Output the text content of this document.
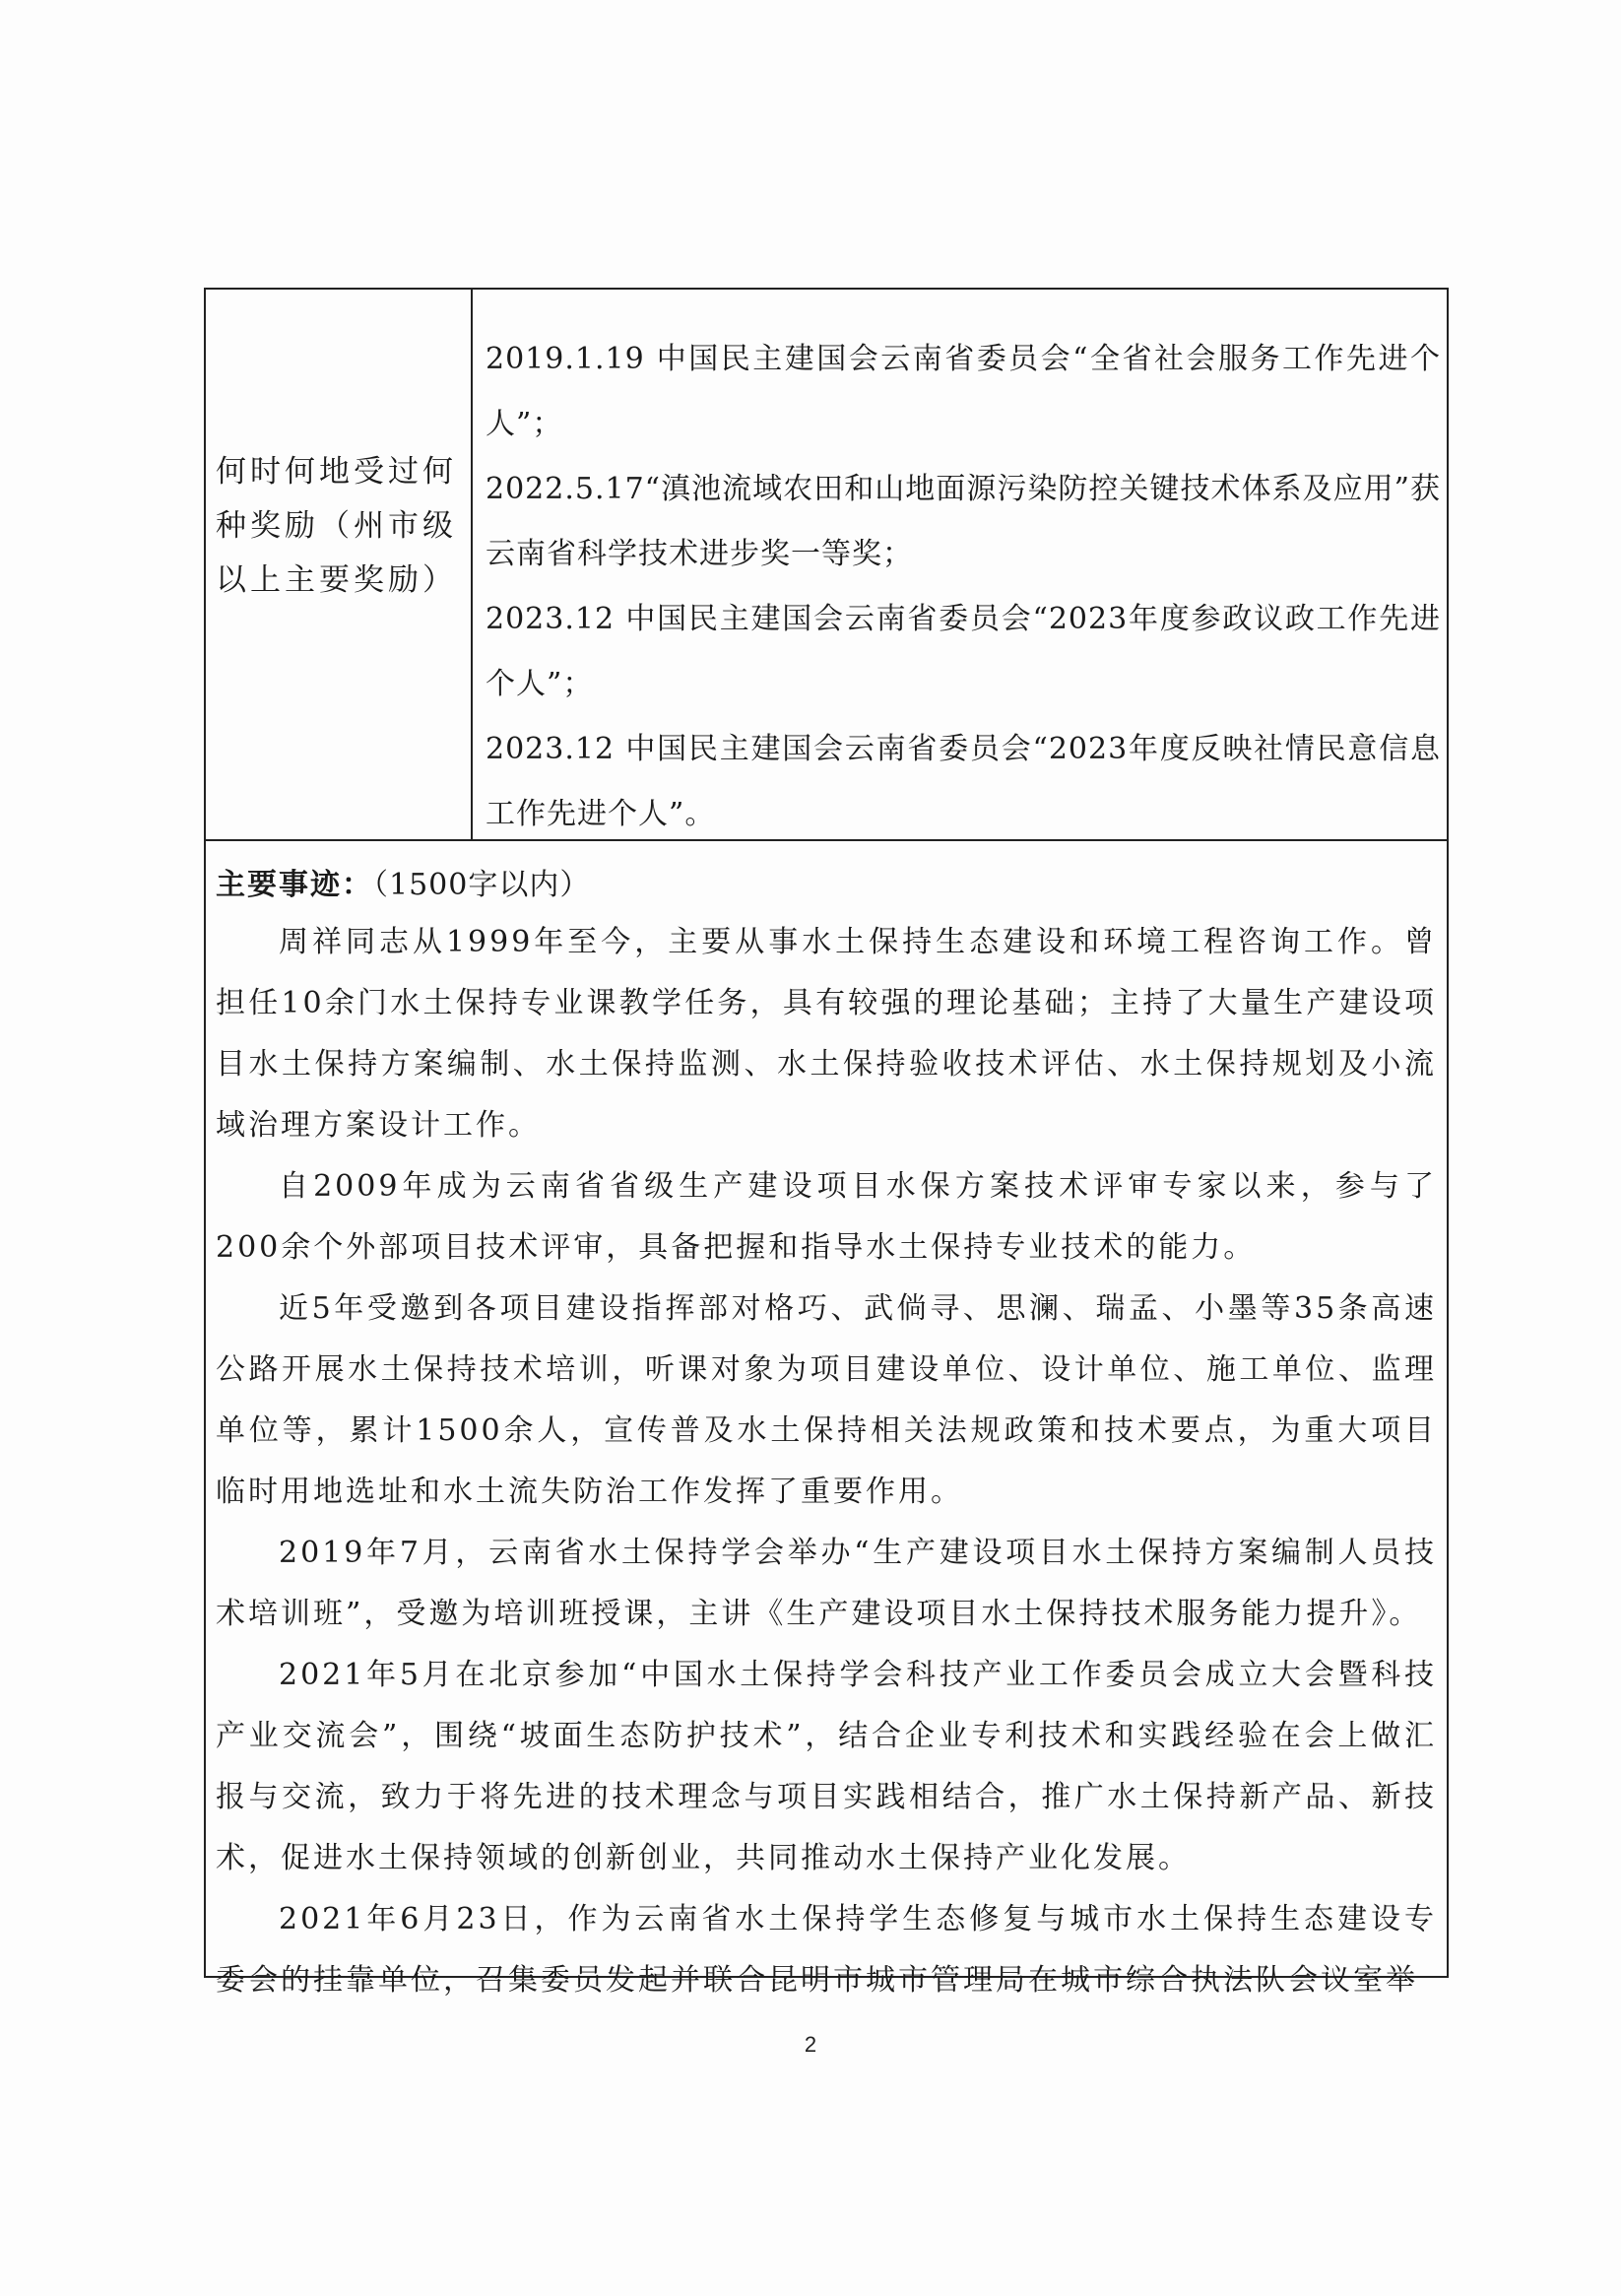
何时何地受过何种奖励（州市级以上主要奖励）
2019.1.19 中国民主建国会云南省委员会“全省社会服务工作先进个人”；
2022.5.17“滇池流域农田和山地面源污染防控关键技术体系及应用”获云南省科学技术进步奖一等奖；
2023.12 中国民主建国会云南省委员会“2023年度参政议政工作先进个人”；
2023.12 中国民主建国会云南省委员会“2023年度反映社情民意信息工作先进个人”。
主要事迹：（1500字以内）

周祥同志从1999年至今，主要从事水土保持生态建设和环境工程咨询工作。曾担任10余门水土保持专业课教学任务，具有较强的理论基础；主持了大量生产建设项目水土保持方案编制、水土保持监测、水土保持验收技术评估、水土保持规划及小流域治理方案设计工作。

自2009年成为云南省省级生产建设项目水保方案技术评审专家以来，参与了200余个外部项目技术评审，具备把握和指导水土保持专业技术的能力。

近5年受邀到各项目建设指挥部对格巧、武倘寻、思澜、瑞孟、小墨等35条高速公路开展水土保持技术培训，听课对象为项目建设单位、设计单位、施工单位、监理单位等，累计1500余人，宣传普及水土保持相关法规政策和技术要点，为重大项目临时用地选址和水土流失防治工作发挥了重要作用。

2019年7月，云南省水土保持学会举办“生产建设项目水土保持方案编制人员技术培训班”，受邀为培训班授课，主讲《生产建设项目水土保持技术服务能力提升》。

2021年5月在北京参加“中国水土保持学会科技产业工作委员会成立大会暨科技产业交流会”，围绕“坡面生态防护技术”，结合企业专利技术和实践经验在会上做汇报与交流，致力于将先进的技术理念与项目实践相结合，推广水土保持新产品、新技术，促进水土保持领域的创新创业，共同推动水土保持产业化发展。

2021年6月23日，作为云南省水土保持学生态修复与城市水土保持生态建设专委会的挂靠单位，召集委员发起并联合昆明市城市管理局在城市综合执法队会议室举

2
